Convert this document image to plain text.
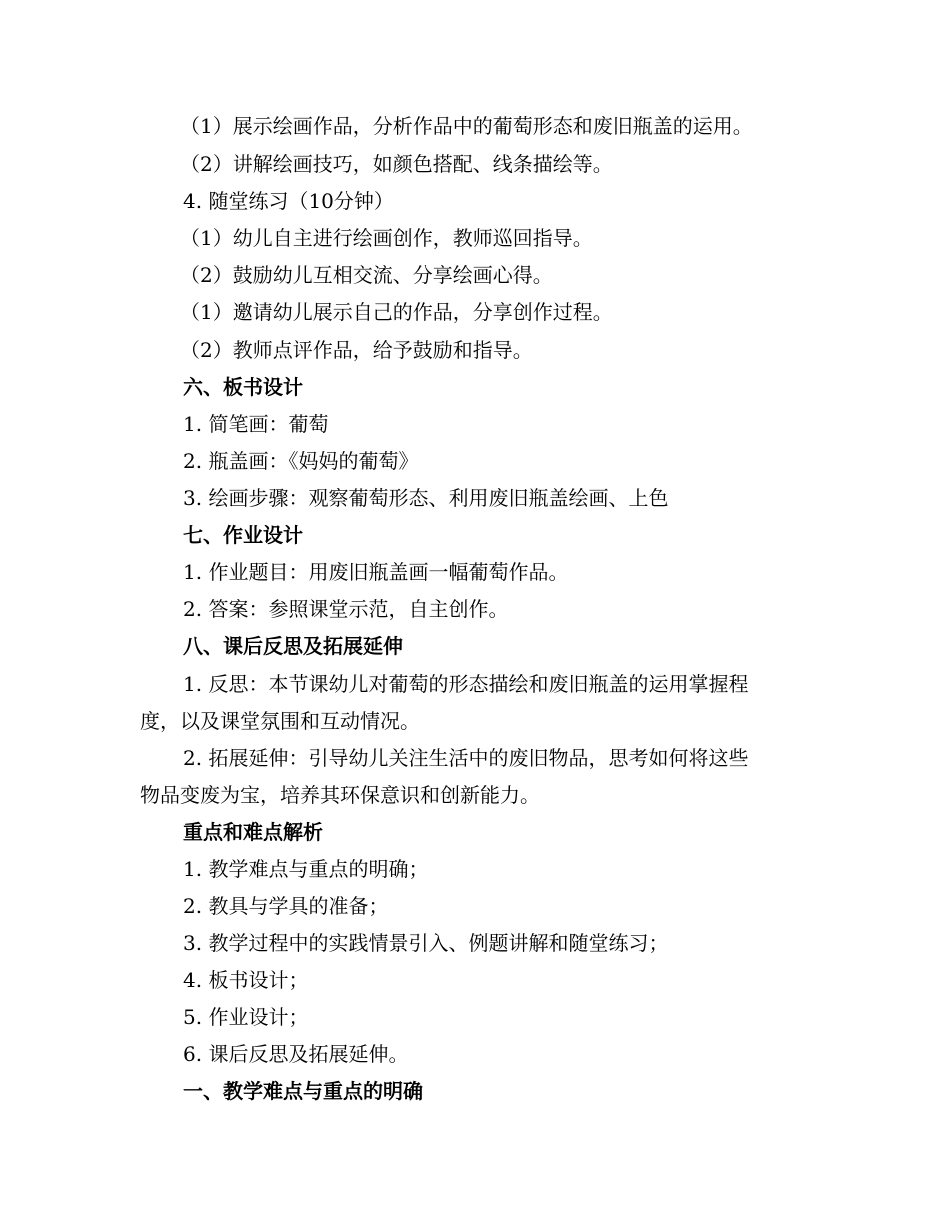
（1）展示绘画作品，分析作品中的葡萄形态和废旧瓶盖的运用。
（2）讲解绘画技巧，如颜色搭配、线条描绘等。
4. 随堂练习（10分钟）
（1）幼儿自主进行绘画创作，教师巡回指导。
（2）鼓励幼儿互相交流、分享绘画心得。
（1）邀请幼儿展示自己的作品，分享创作过程。
（2）教师点评作品，给予鼓励和指导。
六、板书设计
1. 简笔画：葡萄
2. 瓶盖画：《妈妈的葡萄》
3. 绘画步骤：观察葡萄形态、利用废旧瓶盖绘画、上色
七、作业设计
1. 作业题目：用废旧瓶盖画一幅葡萄作品。
2. 答案：参照课堂示范，自主创作。
八、课后反思及拓展延伸
1. 反思：本节课幼儿对葡萄的形态描绘和废旧瓶盖的运用掌握程
度，以及课堂氛围和互动情况。
2. 拓展延伸：引导幼儿关注生活中的废旧物品，思考如何将这些
物品变废为宝，培养其环保意识和创新能力。
重点和难点解析
1. 教学难点与重点的明确；
2. 教具与学具的准备；
3. 教学过程中的实践情景引入、例题讲解和随堂练习；
4. 板书设计；
5. 作业设计；
6. 课后反思及拓展延伸。
一、教学难点与重点的明确
